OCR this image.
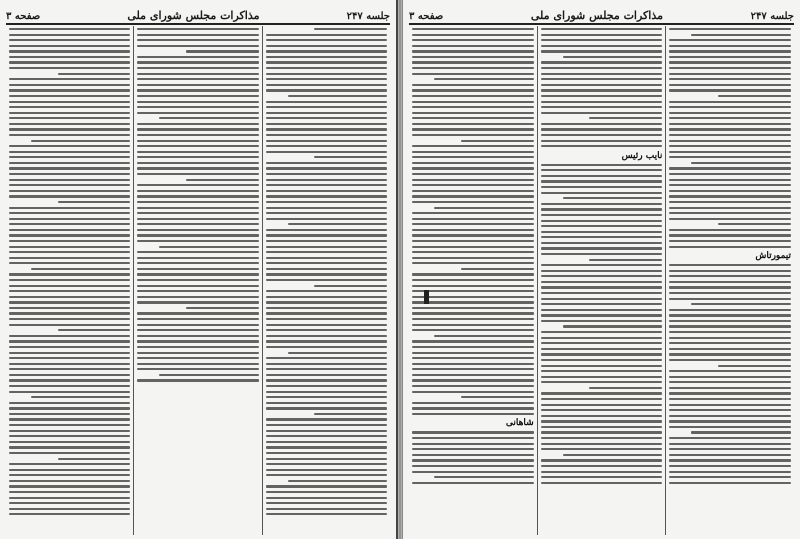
جلسه ۲۴۷
مذاکرات مجلس شورای ملی
صفحه ۳	جلسه ۲۴۷
مذاکرات مجلس شورای ملی
صفحه ۳
تیمورتاش
نایب رئیس
شاهانی
